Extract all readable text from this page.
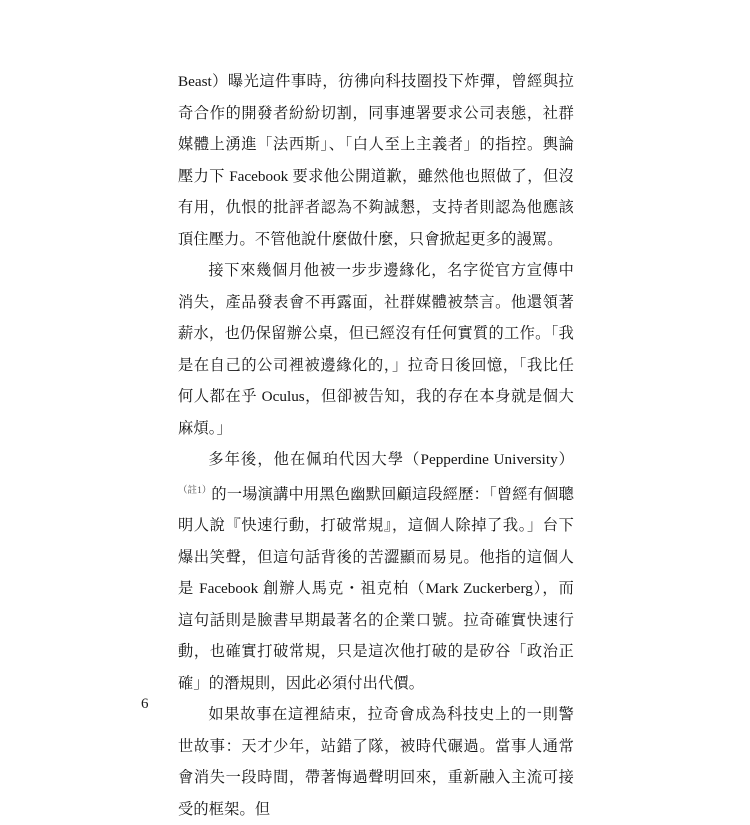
Beast）曝光這件事時，彷彿向科技圈投下炸彈，曾經與拉奇合作的開發者紛紛切割，同事連署要求公司表態，社群媒體上湧進「法西斯」、「白人至上主義者」的指控。輿論壓力下 Facebook 要求他公開道歉，雖然他也照做了，但沒有用，仇恨的批評者認為不夠誠懇，支持者則認為他應該頂住壓力。不管他說什麼做什麼，只會掀起更多的謾罵。

接下來幾個月他被一步步邊緣化，名字從官方宣傳中消失，產品發表會不再露面，社群媒體被禁言。他還領著薪水，也仍保留辦公桌，但已經沒有任何實質的工作。「我是在自己的公司裡被邊緣化的，」拉奇日後回憶，「我比任何人都在乎 Oculus，但卻被告知，我的存在本身就是個大麻煩。」

多年後，他在佩珀代因大學（Pepperdine University）$^{(註1)}$的一場演講中用黑色幽默回顧這段經歷：「曾經有個聰明人說『快速行動，打破常規』，這個人除掉了我。」台下爆出笑聲，但這句話背後的苦澀顯而易見。他指的這個人是 Facebook 創辦人馬克・祖克柏（Mark Zuckerberg），而這句話則是臉書早期最著名的企業口號。拉奇確實快速行動，也確實打破常規，只是這次他打破的是矽谷「政治正確」的潛規則，因此必須付出代價。

如果故事在這裡結束，拉奇會成為科技史上的一則警世故事：天才少年，站錯了隊，被時代碾過。當事人通常會消失一段時間，帶著悔過聲明回來，重新融入主流可接受的框架。但

6
